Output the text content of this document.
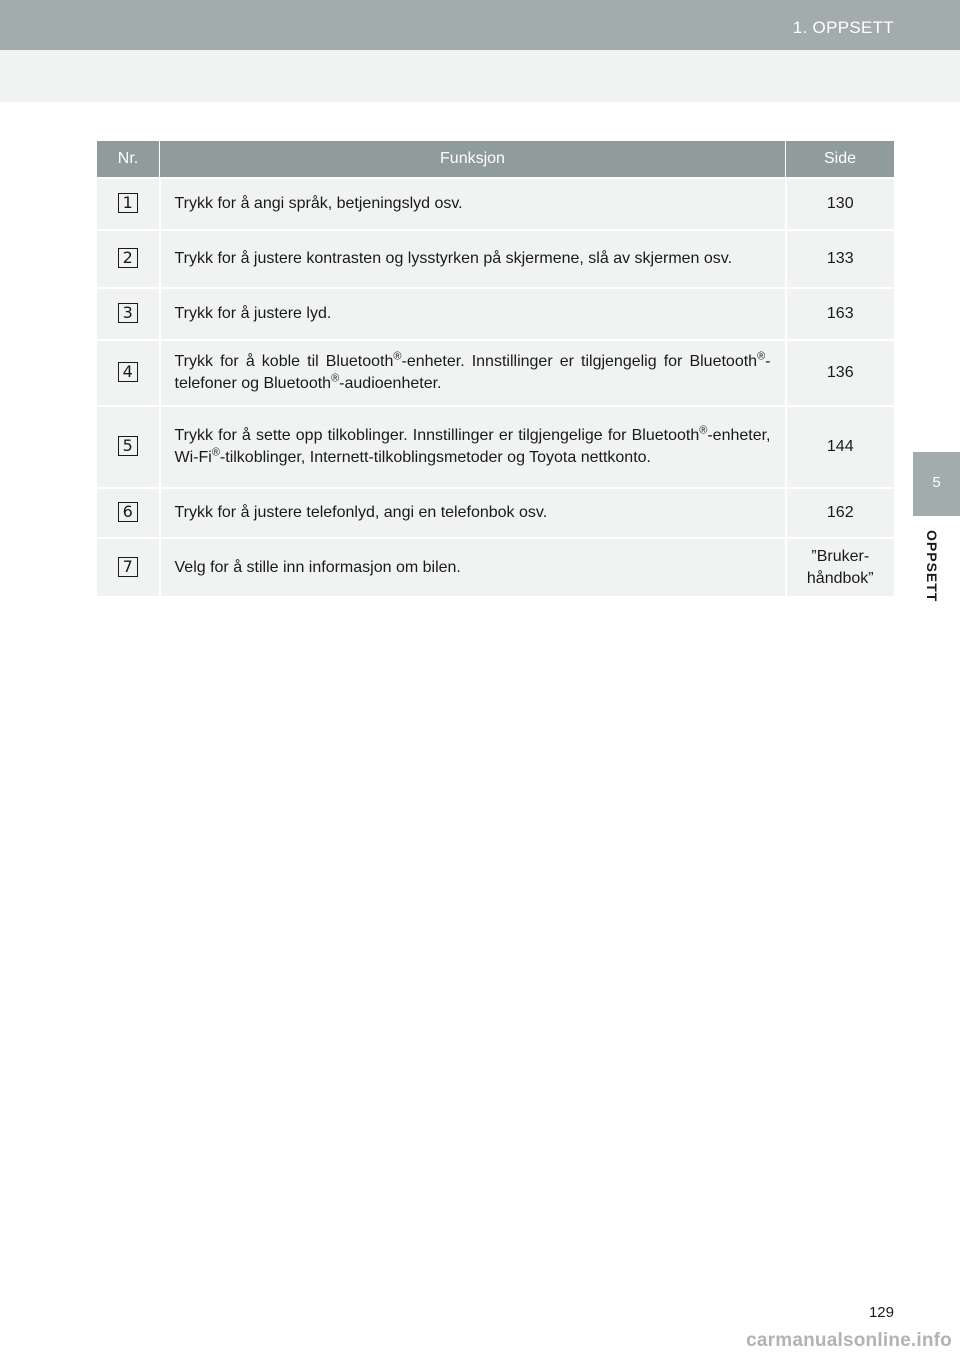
1. OPPSETT
5
OPPSETT
Nr.	Funksjon	Side
1	Trykk for å angi språk, betjeningslyd osv.	130
2	Trykk for å justere kontrasten og lysstyrken på skjermene, slå av skjermen osv.	133
3	Trykk for å justere lyd.	163
4	Trykk for å koble til Bluetooth®-enheter. Innstillinger er tilgjengelig for Bluetooth®-telefoner og Bluetooth®-audioenheter.	136
5	Trykk for å sette opp tilkoblinger. Innstillinger er tilgjengelige for Bluetooth®-enheter, Wi-Fi®-tilkoblinger, Internett-tilkoblingsmetoder og Toyota nettkonto.	144
6	Trykk for å justere telefonlyd, angi en telefonbok osv.	162
7	Velg for å stille inn informasjon om bilen.	”Bruker-håndbok”
129
carmanualsonline.info
